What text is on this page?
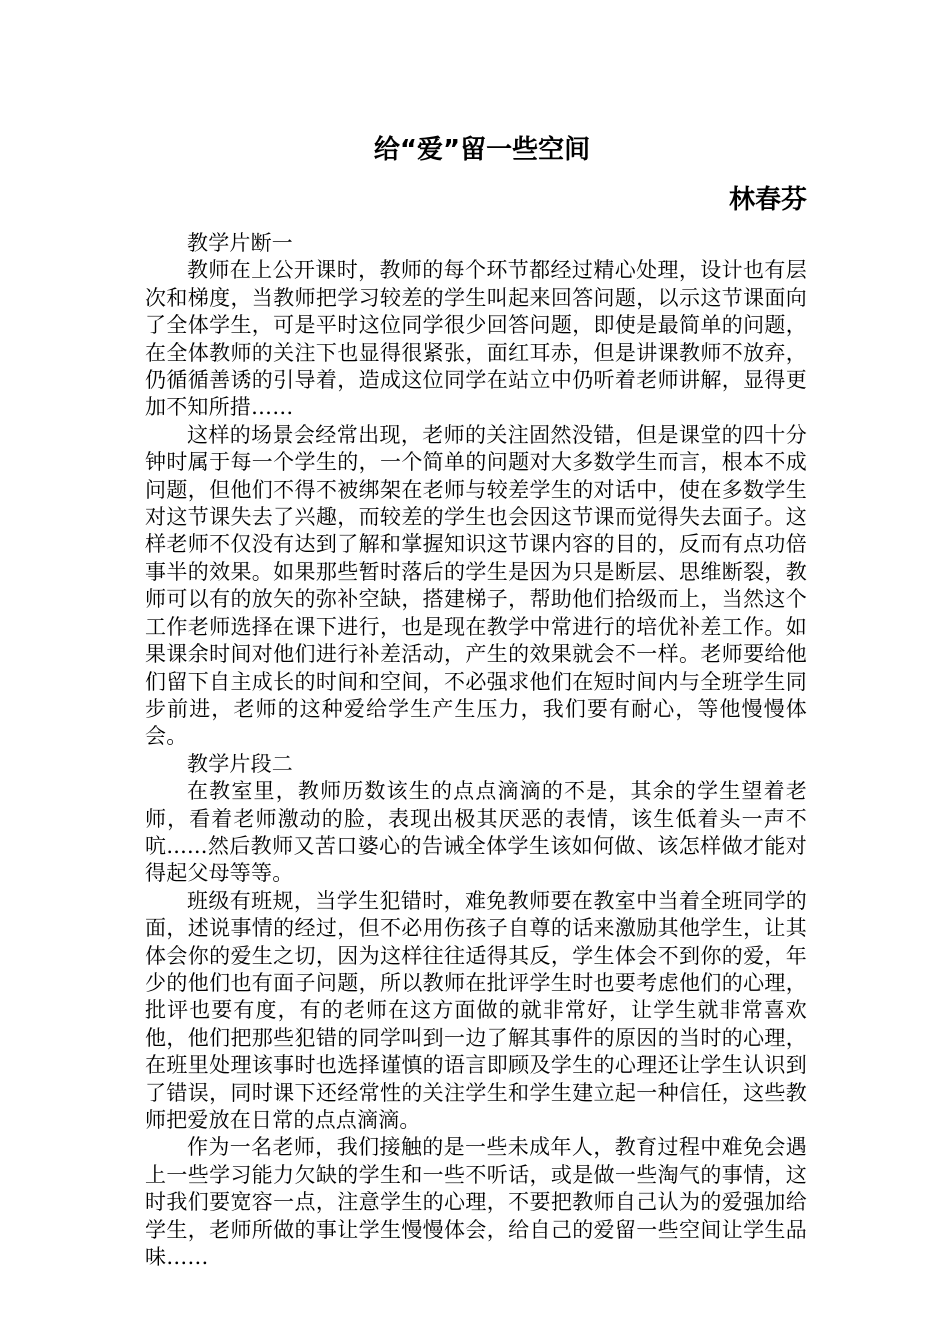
给“爱”留一些空间
林春芬

教学片断一

教师在上公开课时，教师的每个环节都经过精心处理，设计也有层次和梯度，当教师把学习较差的学生叫起来回答问题，以示这节课面向了全体学生，可是平时这位同学很少回答问题，即使是最简单的问题，在全体教师的关注下也显得很紧张，面红耳赤，但是讲课教师不放弃，仍循循善诱的引导着，造成这位同学在站立中仍听着老师讲解，显得更加不知所措……

这样的场景会经常出现，老师的关注固然没错，但是课堂的四十分钟时属于每一个学生的，一个简单的问题对大多数学生而言，根本不成问题，但他们不得不被绑架在老师与较差学生的对话中，使在多数学生对这节课失去了兴趣，而较差的学生也会因这节课而觉得失去面子。这样老师不仅没有达到了解和掌握知识这节课内容的目的，反而有点功倍事半的效果。如果那些暂时落后的学生是因为只是断层、思维断裂，教师可以有的放矢的弥补空缺，搭建梯子，帮助他们拾级而上，当然这个工作老师选择在课下进行，也是现在教学中常进行的培优补差工作。如果课余时间对他们进行补差活动，产生的效果就会不一样。老师要给他们留下自主成长的时间和空间，不必强求他们在短时间内与全班学生同步前进，老师的这种爱给学生产生压力，我们要有耐心，等他慢慢体会。

教学片段二

在教室里，教师历数该生的点点滴滴的不是，其余的学生望着老师，看着老师激动的脸，表现出极其厌恶的表情，该生低着头一声不吭......然后教师又苦口婆心的告诫全体学生该如何做、该怎样做才能对得起父母等等。

班级有班规，当学生犯错时，难免教师要在教室中当着全班同学的面，述说事情的经过，但不必用伤孩子自尊的话来激励其他学生，让其体会你的爱生之切，因为这样往往适得其反，学生体会不到你的爱，年少的他们也有面子问题，所以教师在批评学生时也要考虑他们的心理，批评也要有度，有的老师在这方面做的就非常好，让学生就非常喜欢他，他们把那些犯错的同学叫到一边了解其事件的原因的当时的心理，在班里处理该事时也选择谨慎的语言即顾及学生的心理还让学生认识到了错误，同时课下还经常性的关注学生和学生建立起一种信任，这些教师把爱放在日常的点点滴滴。

作为一名老师，我们接触的是一些未成年人，教育过程中难免会遇上一些学习能力欠缺的学生和一些不听话，或是做一些淘气的事情，这时我们要宽容一点，注意学生的心理，不要把教师自己认为的爱强加给学生，老师所做的事让学生慢慢体会，给自己的爱留一些空间让学生品味……
